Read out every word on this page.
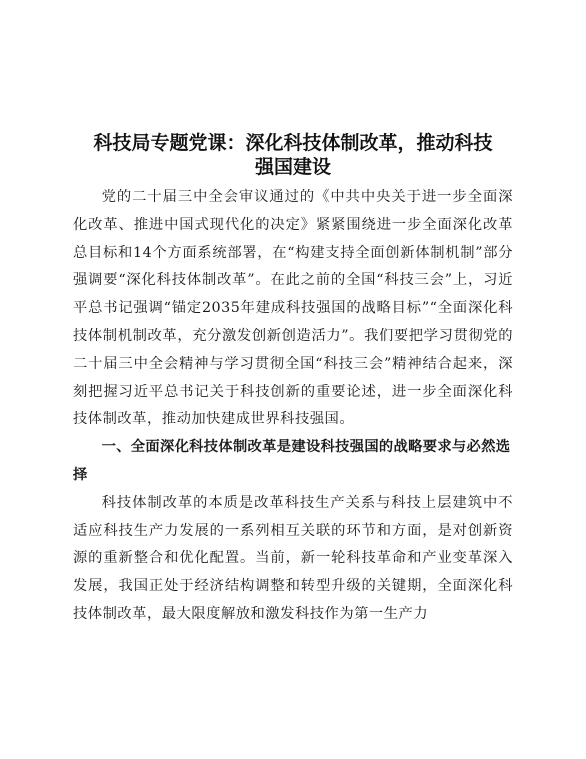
科技局专题党课：深化科技体制改革，推动科技
强国建设

党的二十届三中全会审议通过的《中共中央关于进一步全面深化改革、推进中国式现代化的决定》紧紧围绕进一步全面深化改革总目标和14个方面系统部署，在“构建支持全面创新体制机制”部分强调要“深化科技体制改革”。在此之前的全国“科技三会”上，习近平总书记强调“锚定2035年建成科技强国的战略目标”“全面深化科技体制机制改革，充分激发创新创造活力”。我们要把学习贯彻党的二十届三中全会精神与学习贯彻全国“科技三会”精神结合起来，深刻把握习近平总书记关于科技创新的重要论述，进一步全面深化科技体制改革，推动加快建成世界科技强国。

一、全面深化科技体制改革是建设科技强国的战略要求与必然选择

科技体制改革的本质是改革科技生产关系与科技上层建筑中不适应科技生产力发展的一系列相互关联的环节和方面，是对创新资源的重新整合和优化配置。当前，新一轮科技革命和产业变革深入发展，我国正处于经济结构调整和转型升级的关键期，全面深化科技体制改革，最大限度解放和激发科技作为第一生产力
